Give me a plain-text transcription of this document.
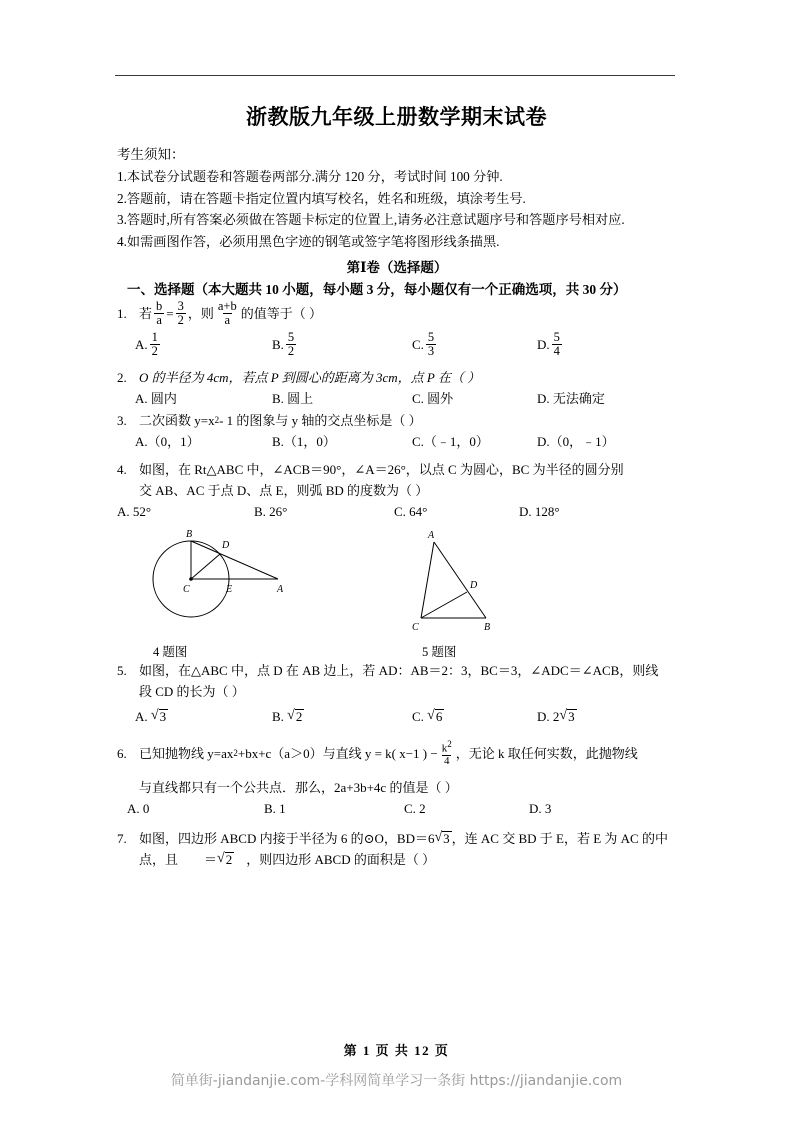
浙教版九年级上册数学期末试卷
考生须知：
1.本试卷分试题卷和答题卷两部分.满分 120 分，考试时间 100 分钟.
2.答题前，请在答题卡指定位置内填写校名，姓名和班级，填涂考生号.
3.答题时,所有答案必须做在答题卡标定的位置上,请务必注意试题序号和答题序号相对应.
4.如需画图作答，必须用黑色字迹的钢笔或签字笔将图形线条描黑.
第Ⅰ卷（选择题）
一、选择题（本大题共 10 小题，每小题 3 分，每小题仅有一个正确选项，共 30 分）
1. 若 $\frac{b}{a} = \frac{3}{2}$ ，则 $\frac{a+b}{a}$ 的值等于（ ）
A. $\frac{1}{2}$	B. $\frac{5}{2}$	C. $\frac{5}{3}$	D. $\frac{5}{4}$
2. O 的半径为 4cm，若点 P 到圆心的距离为 3cm，点 P 在（ ）
A.
圆内	B.
圆上	C.
圆外	D.
无法确定
3. 二次函数 y=x 2 - 1 的图象与 y 轴的交点坐标是（ ）
A. （0，1）	B. （1，0）	C. （﹣1，0）	D. （0，﹣1）
4. 如图，在 Rt△ABC 中，∠ACB＝90°，∠A＝26°，以点 C 为圆心，BC 为半径的圆分别
交 AB、AC 于点 D、点 E，则弧 BD 的度数为（ ）
A.
52°	B.
26°	C.
64°	D.
128°
B
D
C	E	A
A
D
C	B
4 题图	5 题图
5. 如图，在△ABC 中，点 D 在 AB 边上，若 AD：AB＝2：3，BC＝3，∠ADC＝∠ACB，则线
段 CD 的长为（ ）
A.
√ 3	B.
√ 2	C.
√ 6	D.
2 √ 3
6. 已知抛物线 y=ax 2 +bx+c（a＞0）与直线 y = k( x−1 ) − $\frac{k^2}{4}$ ，无论 k 取任何实数，此抛物线
与直线都只有一个公共点．那么，2a+3b+4c 的值是（ ）
A.
0	B.
1	C.
2	D.
3
7. 如图，四边形 ABCD 内接于半径为 6 的⊙O，BD＝6 √ 3 ，连 AC 交 BD 于 E，若 E 为 AC 的中
点，且 ＝ √ 2 ，则四边形 ABCD 的面积是（ ）
第 1 页 共 12 页
简单街-jiandanjie.com-学科网简单学习一条街 https://jiandanjie.com
